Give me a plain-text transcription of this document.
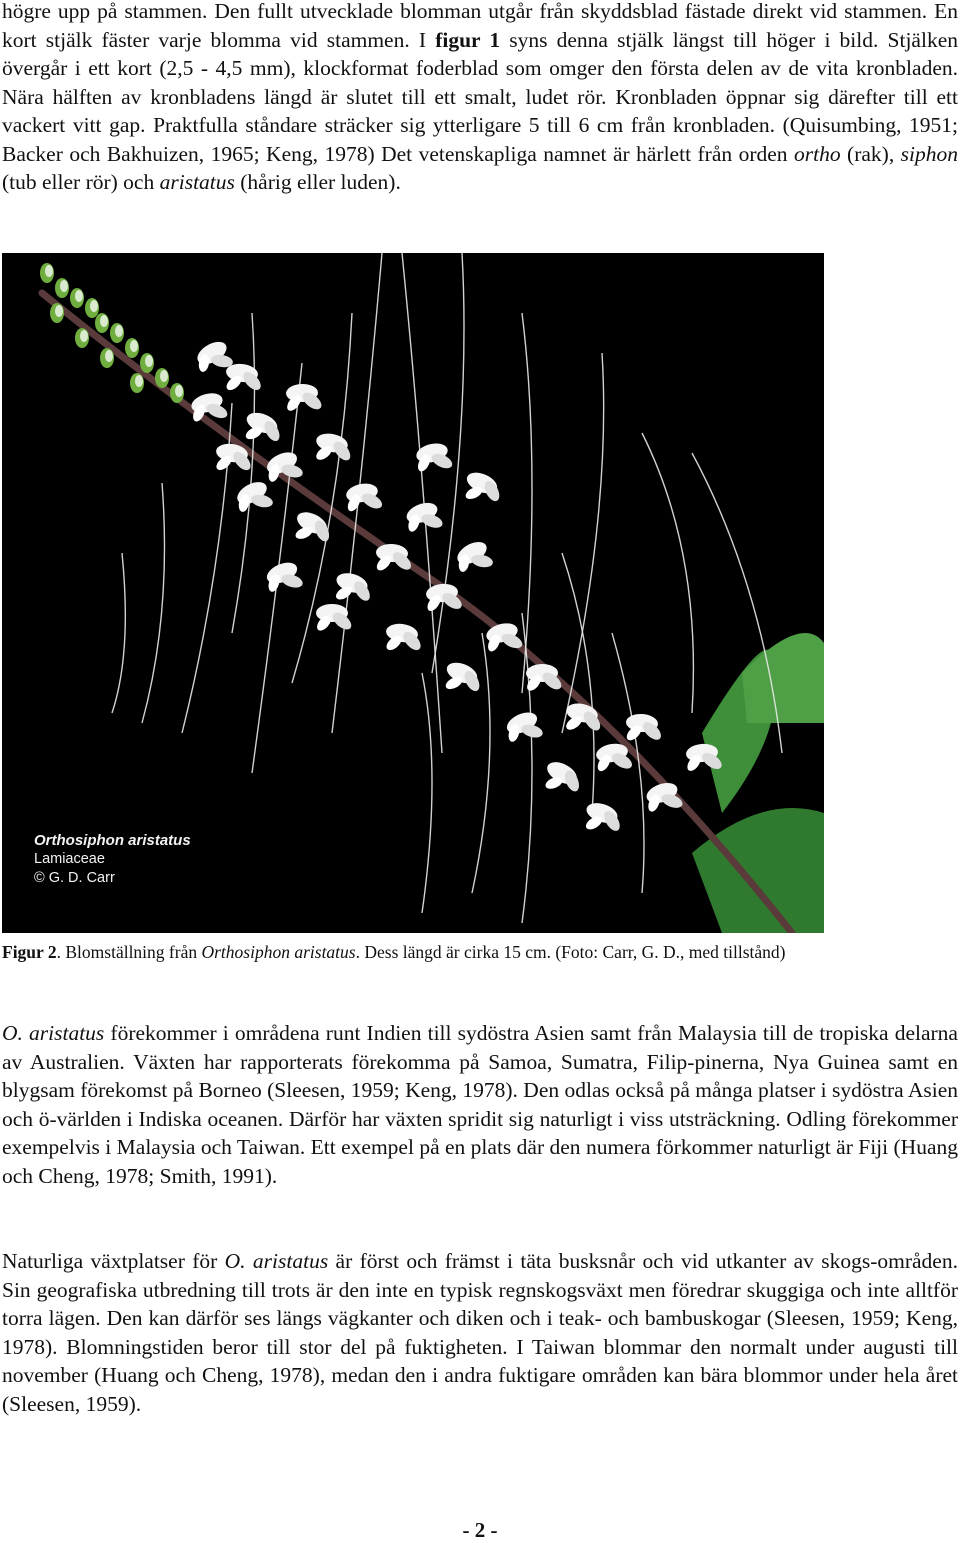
högre upp på stammen. Den fullt utvecklade blomman utgår från skyddsblad fästade direkt vid stammen. En kort stjälk fäster varje blomma vid stammen. I figur 1 syns denna stjälk längst till höger i bild. Stjälken övergår i ett kort (2,5 - 4,5 mm), klockformat foderblad som omger den första delen av de vita kronbladen. Nära hälften av kronbladens längd är slutet till ett smalt, ludet rör. Kronbladen öppnar sig därefter till ett vackert vitt gap. Praktfulla ståndare sträcker sig ytterligare 5 till 6 cm från kronbladen. (Quisumbing, 1951; Backer och Bakhuizen, 1965; Keng, 1978) Det vetenskapliga namnet är härlett från orden ortho (rak), siphon (tub eller rör) och aristatus (hårig eller luden).

Orthosiphon aristatus
Lamiaceae
© G. D. Carr

Figur 2. Blomställning från Orthosiphon aristatus. Dess längd är cirka 15 cm. (Foto: Carr, G. D., med tillstånd)

O. aristatus förekommer i områdena runt Indien till sydöstra Asien samt från Malaysia till de tropiska delarna av Australien. Växten har rapporterats förekomma på Samoa, Sumatra, Filip-pinerna, Nya Guinea samt en blygsam förekomst på Borneo (Sleesen, 1959; Keng, 1978). Den odlas också på många platser i sydöstra Asien och ö-världen i Indiska oceanen. Därför har växten spridit sig naturligt i viss utsträckning. Odling förekommer exempelvis i Malaysia och Taiwan. Ett exempel på en plats där den numera förkommer naturligt är Fiji (Huang och Cheng, 1978; Smith, 1991).

Naturliga växtplatser för O. aristatus är först och främst i täta busksnår och vid utkanter av skogs-områden. Sin geografiska utbredning till trots är den inte en typisk regnskogsväxt men föredrar skuggiga och inte alltför torra lägen. Den kan därför ses längs vägkanter och diken och i teak- och bambuskogar (Sleesen, 1959; Keng, 1978). Blomningstiden beror till stor del på fuktigheten. I Taiwan blommar den normalt under augusti till november (Huang och Cheng, 1978), medan den i andra fuktigare områden kan bära blommor under hela året (Sleesen, 1959).

- 2 -
